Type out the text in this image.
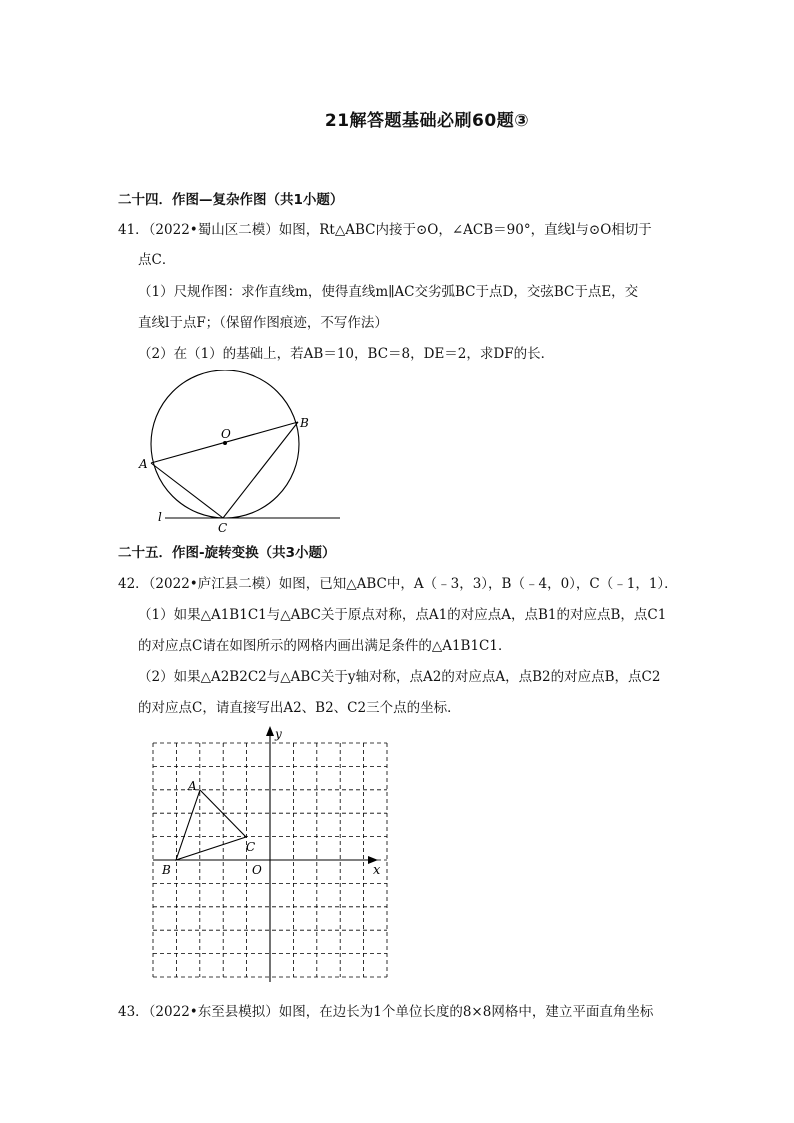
21解答题基础必刷60题③
二十四．作图—复杂作图（共1小题）
41．（2022•蜀山区二模）如图，Rt△ABC内接于⊙O，∠ACB＝90°，直线l与⊙O相切于
点C．
（1）尺规作图：求作直线m，使得直线m∥AC交劣弧BC于点D，交弦BC于点E，交
直线l于点F；（保留作图痕迹，不写作法）
（2）在（1）的基础上，若AB＝10，BC＝8，DE＝2，求DF的长．
O
A
B
C
l
二十五．作图-旋转变换（共3小题）
42．（2022•庐江县二模）如图，已知△ABC中，A（﹣3，3），B（﹣4，0），C（﹣1，1）．
（1）如果△A1B1C1与△ABC关于原点对称，点A1的对应点A，点B1的对应点B，点C1
的对应点C请在如图所示的网格内画出满足条件的△A1B1C1．
（2）如果△A2B2C2与△ABC关于y轴对称，点A2的对应点A，点B2的对应点B，点C2
的对应点C，请直接写出A2、B2、C2三个点的坐标．
y
x
O
A
B
C
43．（2022•东至县模拟）如图，在边长为1个单位长度的8×8网格中，建立平面直角坐标
